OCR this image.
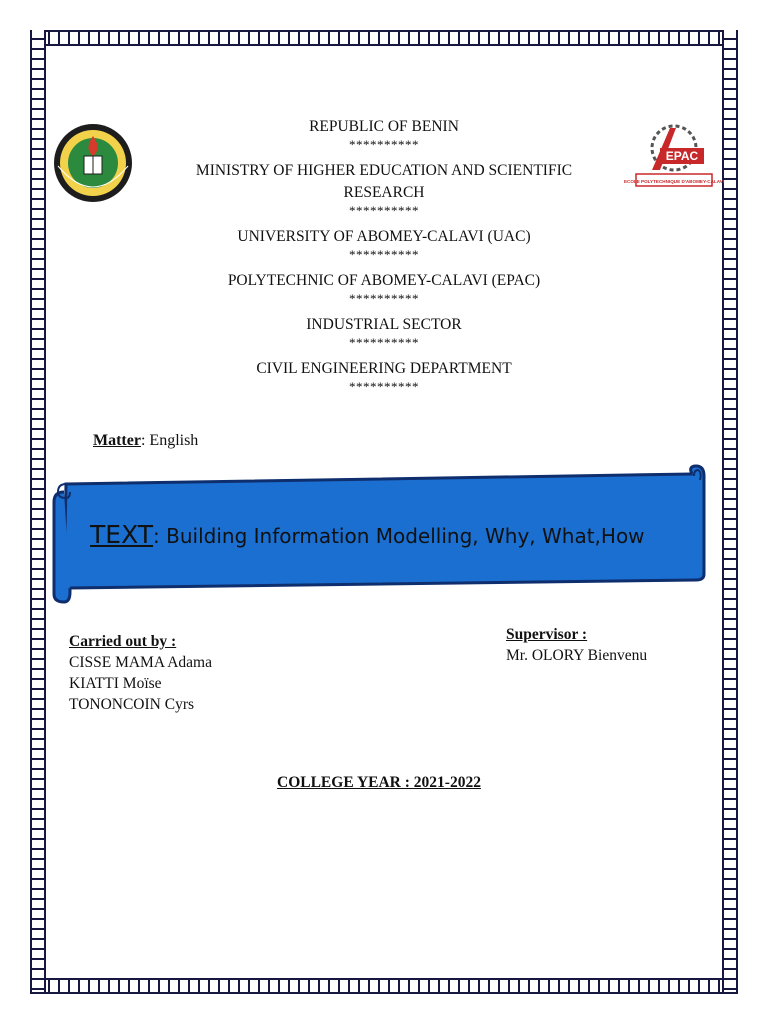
EPAC
ECOLE POLYTECHNIQUE D'ABOMEY-CALAVI
REPUBLIC OF BENIN
**********
MINISTRY OF HIGHER EDUCATION AND SCIENTIFIC
RESEARCH
**********
UNIVERSITY OF ABOMEY-CALAVI (UAC)
**********
POLYTECHNIC OF ABOMEY-CALAVI (EPAC)
**********
INDUSTRIAL SECTOR
**********
CIVIL ENGINEERING DEPARTMENT
**********
Matter: English
TEXT: Building Information Modelling, Why, What,How
Carried out by :
CISSE MAMA Adama
KIATTI Moïse
TONONCOIN Cyrs
Supervisor :
Mr. OLORY Bienvenu
COLLEGE YEAR : 2021-2022
